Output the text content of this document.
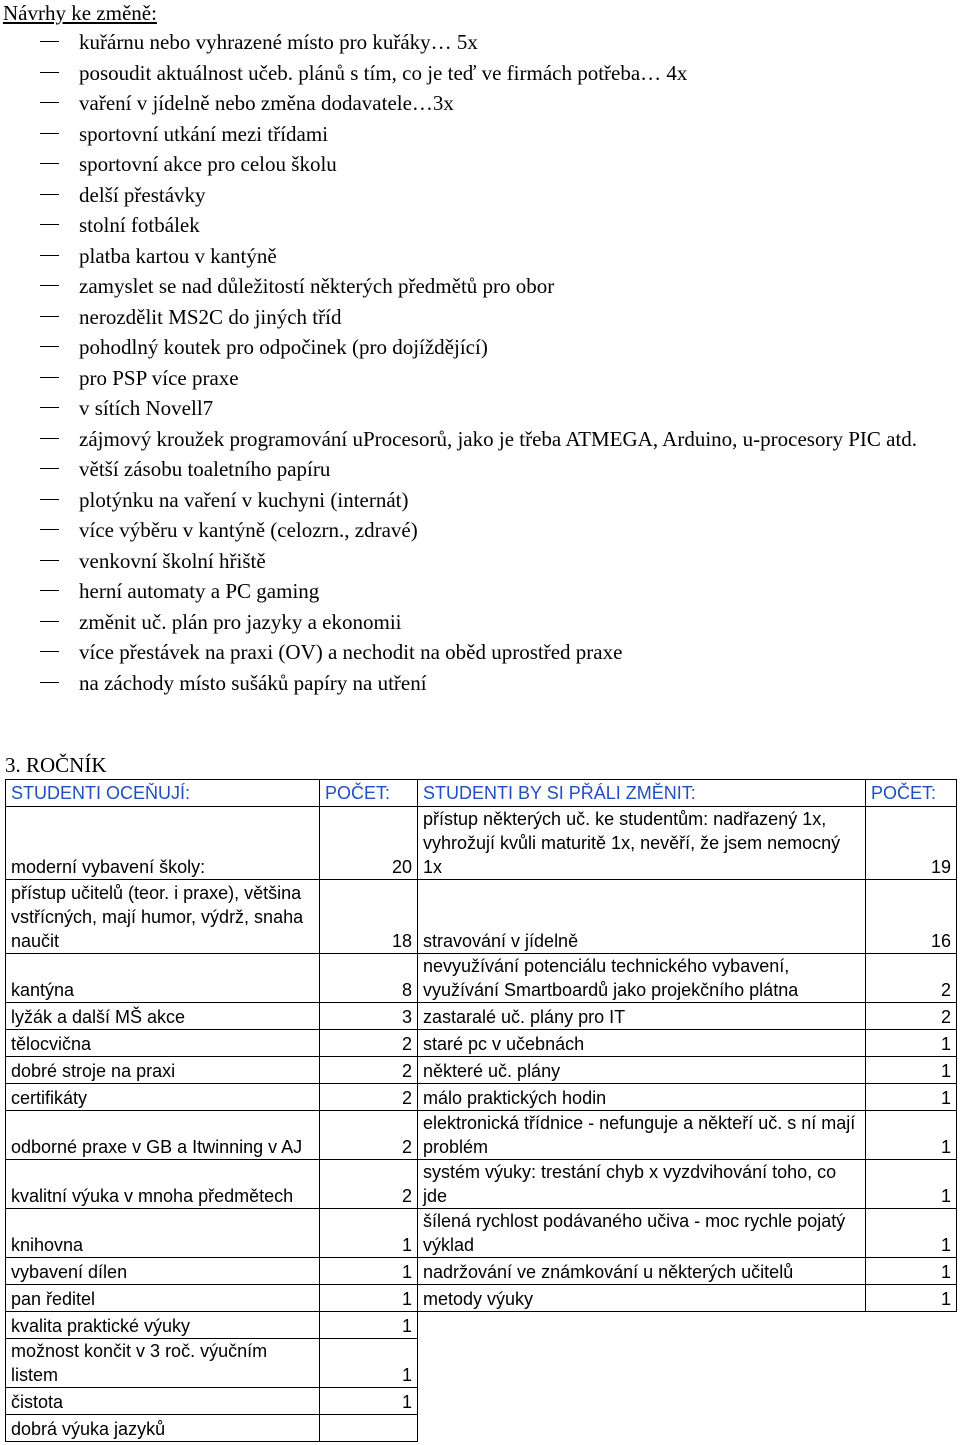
Návrhy ke změně:
kuřárnu nebo vyhrazené místo pro kuřáky… 5x
posoudit aktuálnost učeb. plánů s tím, co je teď ve firmách potřeba… 4x
vaření v jídelně nebo změna dodavatele…3x
sportovní utkání mezi třídami
sportovní akce pro celou školu
delší přestávky
stolní fotbálek
platba kartou v kantýně
zamyslet se nad důležitostí některých předmětů pro obor
nerozdělit MS2C do jiných tříd
pohodlný koutek pro odpočinek (pro dojíždějící)
pro PSP více praxe
v sítích Novell7
zájmový kroužek programování uProcesorů, jako je třeba ATMEGA, Arduino, u-procesory PIC atd.
větší zásobu toaletního papíru
plotýnku na vaření v kuchyni (internát)
více výběru v kantýně (celozrn., zdravé)
venkovní školní hřiště
herní automaty a PC gaming
změnit uč. plán pro jazyky a ekonomii
více přestávek na praxi (OV) a nechodit na oběd uprostřed praxe
na záchody místo sušáků papíry na utření
3. ROČNÍK
STUDENTI OCEŇUJÍ:	POČET:	STUDENTI BY SI PŘÁLI ZMĚNIT:	POČET:
moderní vybavení školy:	20	přístup některých uč. ke studentům: nadřazený 1x, vyhrožují kvůli maturitě 1x, nevěří, že jsem nemocný 1x	19
přístup učitelů (teor. i praxe), většina vstřícných, mají humor, výdrž, snaha naučit	18	stravování v jídelně	16
kantýna	8	nevyužívání potenciálu technického vybavení, využívání Smartboardů jako projekčního plátna	2
lyžák a další MŠ akce	3	zastaralé uč. plány pro IT	2
tělocvična	2	staré pc v učebnách	1
dobré stroje na praxi	2	některé uč. plány	1
certifikáty	2	málo praktických hodin	1
odborné praxe v GB a Itwinning v AJ	2	elektronická třídnice - nefunguje a někteří uč. s ní mají problém	1
kvalitní výuka v mnoha předmětech	2	systém výuky: trestání chyb x vyzdvihování toho, co jde	1
knihovna	1	šílená rychlost podávaného učiva - moc rychle pojatý výklad	1
vybavení dílen	1	nadržování ve známkování u některých učitelů	1
pan ředitel	1	metody výuky	1
kvalita praktické výuky	1		
možnost končit v 3 roč. výučním listem	1		
čistota	1		
dobrá výuka jazyků			
